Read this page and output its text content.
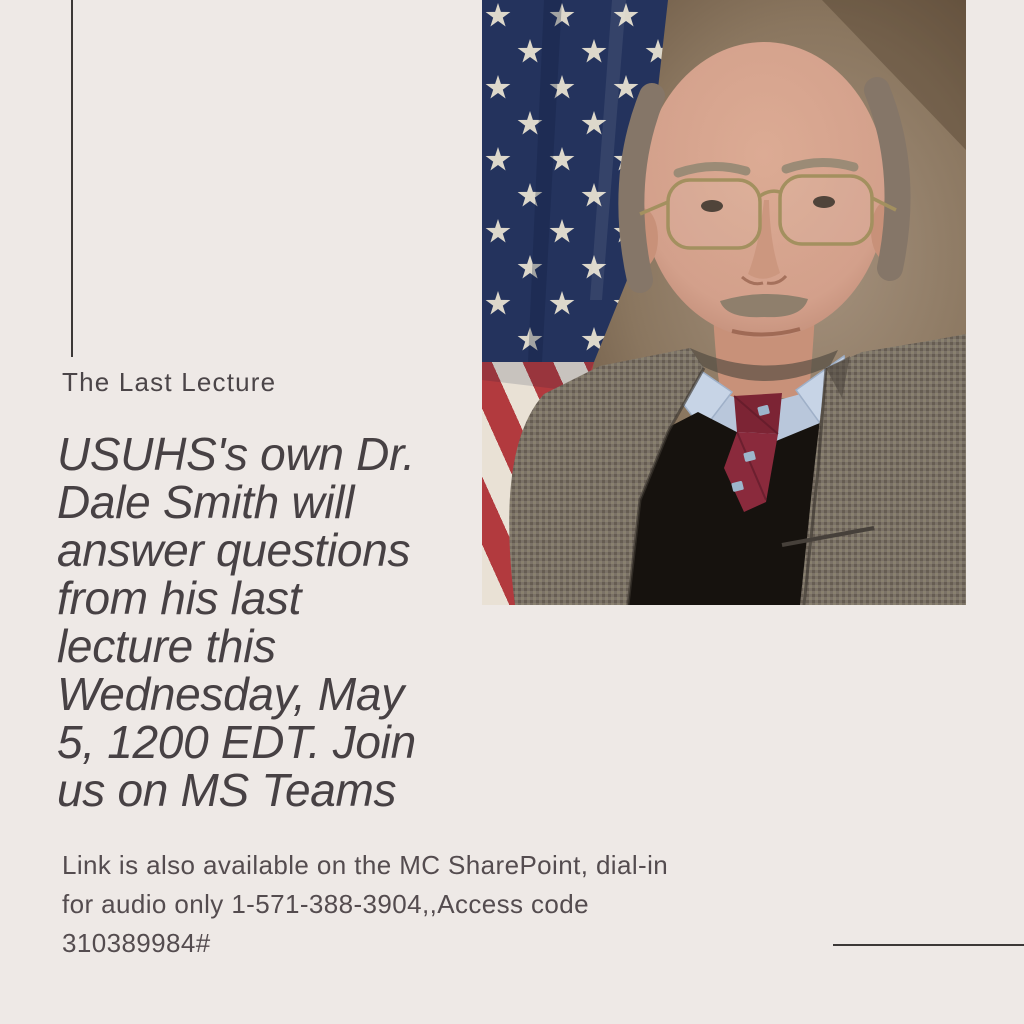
The Last Lecture
USUHS's own Dr.
Dale Smith will
answer questions
from his last
lecture this
Wednesday, May
5, 1200 EDT. Join
us on MS Teams
Link is also available on the MC SharePoint, dial-in
for audio only 1-571-388-3904,,Access code
310389984#
